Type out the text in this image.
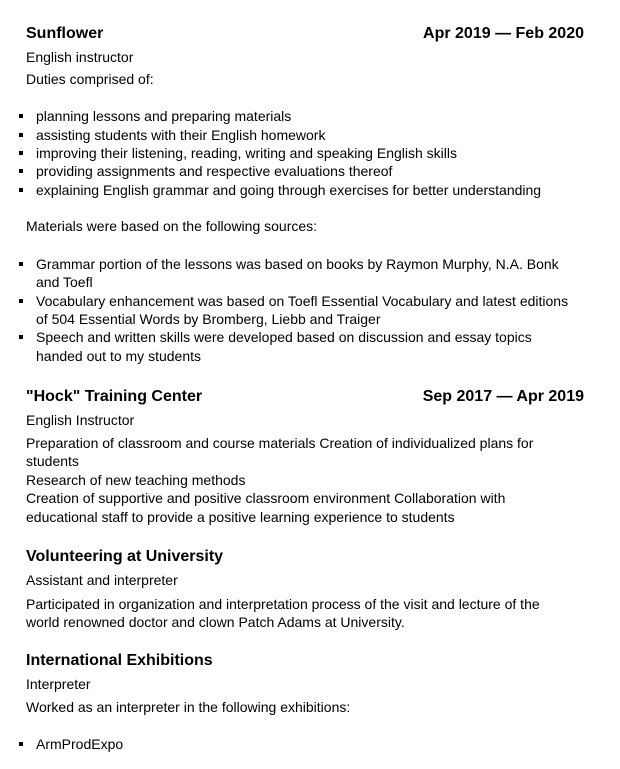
Sunflower	Apr 2019 — Feb 2020
English instructor
Duties comprised of:
planning lessons and preparing materials
assisting students with their English homework
improving their listening, reading, writing and speaking English skills
providing assignments and respective evaluations thereof
explaining English grammar and going through exercises for better understanding
Materials were based on the following sources:
Grammar portion of the lessons was based on books by Raymon Murphy, N.A. Bonk
and Toefl
Vocabulary enhancement was based on Toefl Essential Vocabulary and latest editions
of 504 Essential Words by Bromberg, Liebb and Traiger
Speech and written skills were developed based on discussion and essay topics
handed out to my students
"Hock" Training Center	Sep 2017 — Apr 2019
English Instructor
Preparation of classroom and course materials Creation of individualized plans for
students
Research of new teaching methods
Creation of supportive and positive classroom environment Collaboration with
educational staff to provide a positive learning experience to students
Volunteering at University
Assistant and interpreter
Participated in organization and interpretation process of the visit and lecture of the
world renowned doctor and clown Patch Adams at University.
International Exhibitions
Interpreter
Worked as an interpreter in the following exhibitions:
ArmProdExpo
